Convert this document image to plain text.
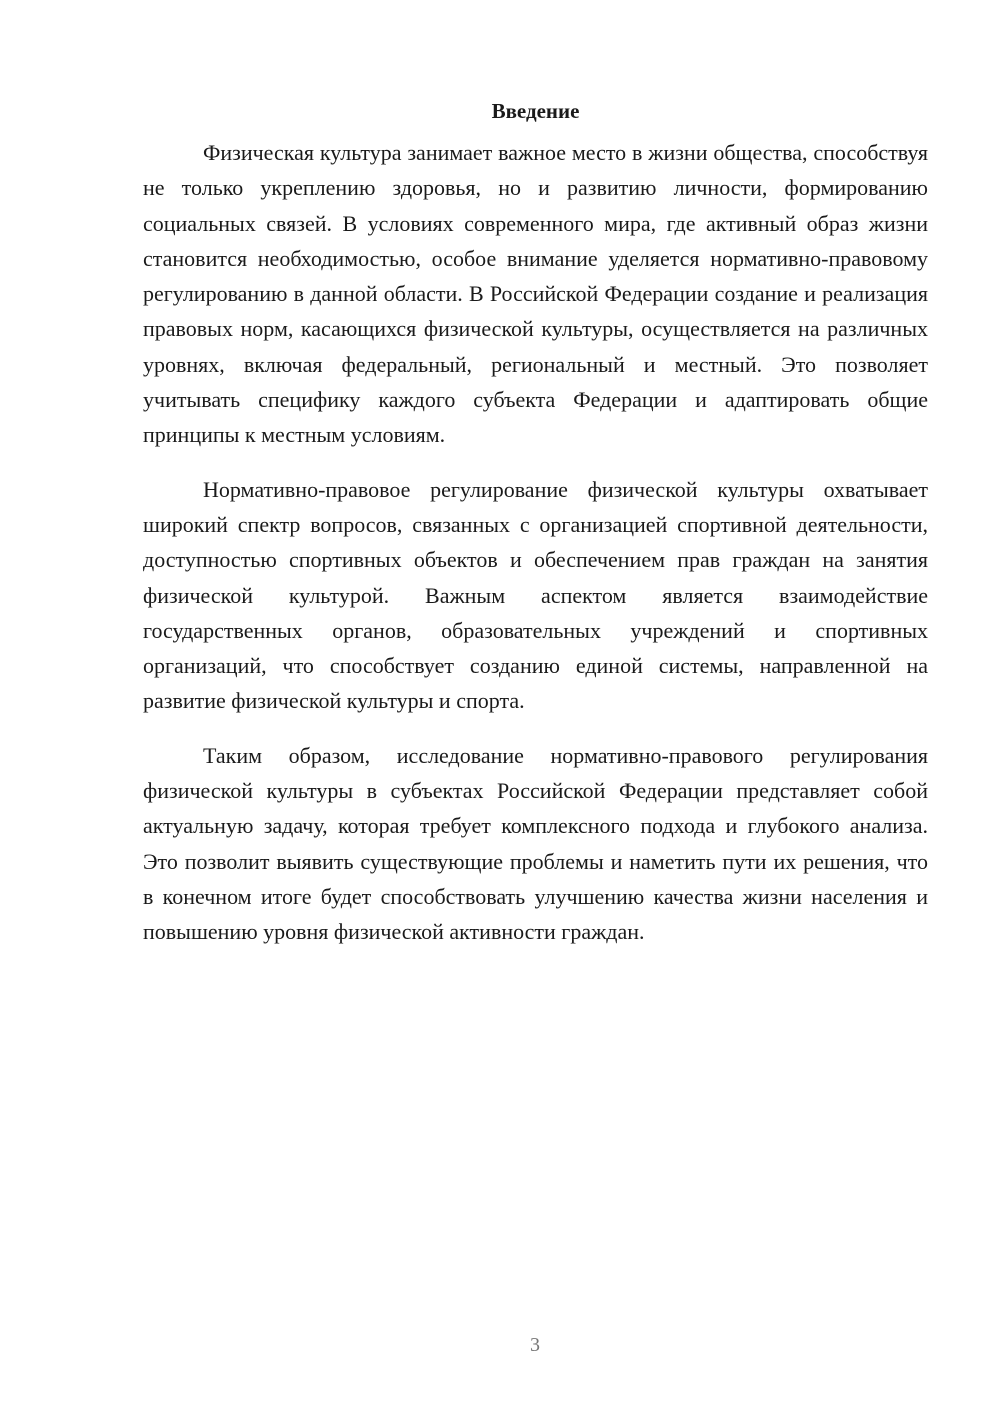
Введение

Физическая культура занимает важное место в жизни общества, способствуя не только укреплению здоровья, но и развитию личности, формированию социальных связей. В условиях современного мира, где активный образ жизни становится необходимостью, особое внимание уделяется нормативно-правовому регулированию в данной области. В Российской Федерации создание и реализация правовых норм, касающихся физической культуры, осуществляется на различных уровнях, включая федеральный, региональный и местный. Это позволяет учитывать специфику каждого субъекта Федерации и адаптировать общие принципы к местным условиям.

Нормативно-правовое регулирование физической культуры охватывает широкий спектр вопросов, связанных с организацией спортивной деятельности, доступностью спортивных объектов и обеспечением прав граждан на занятия физической культурой. Важным аспектом является взаимодействие государственных органов, образовательных учреждений и спортивных организаций, что способствует созданию единой системы, направленной на развитие физической культуры и спорта.

Таким образом, исследование нормативно-правового регулирования физической культуры в субъектах Российской Федерации представляет собой актуальную задачу, которая требует комплексного подхода и глубокого анализа. Это позволит выявить существующие проблемы и наметить пути их решения, что в конечном итоге будет способствовать улучшению качества жизни населения и повышению уровня физической активности граждан.

3
